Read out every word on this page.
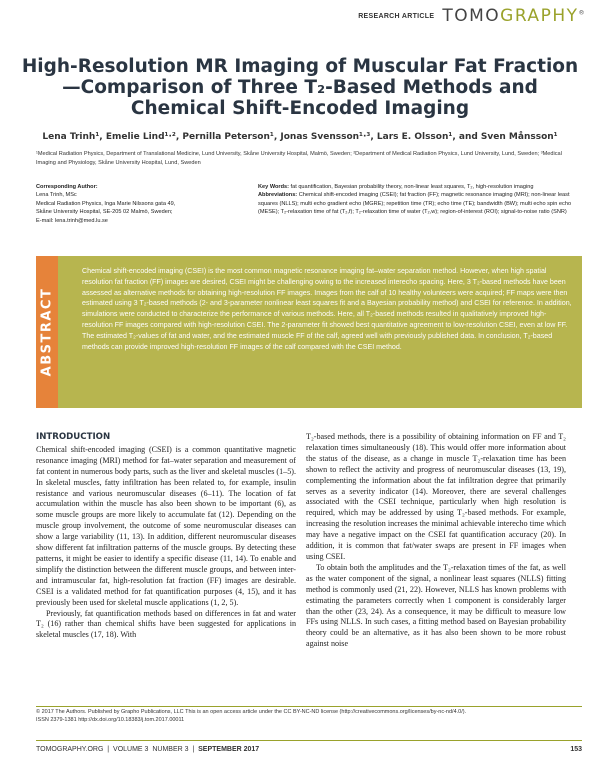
RESEARCH ARTICLE TOMOGRAPHY®
High-Resolution MR Imaging of Muscular Fat Fraction—Comparison of Three T₂-Based Methods and Chemical Shift-Encoded Imaging
Lena Trinh¹, Emelie Lind¹·², Pernilla Peterson¹, Jonas Svensson¹·³, Lars E. Olsson¹, and Sven Månsson¹
¹Medical Radiation Physics, Department of Translational Medicine, Lund University, Skåne University Hospital, Malmö, Sweden; ²Department of Medical Radiation Physics, Lund University, Lund, Sweden; ³Medical Imaging and Physiology, Skåne University Hospital, Lund, Sweden
Corresponding Author:
Lena Trinh, MSc
Medical Radiation Physics, Inga Marie Nilssons gata 49,
Skåne University Hospital, SE-205 02 Malmö, Sweden;
E-mail: lena.trinh@med.lu.se
Key Words: fat quantification, Bayesian probability theory, non-linear least squares, T₂, high-resolution imaging
Abbreviations: Chemical shift-encoded imaging (CSEI); fat fraction (FF); magnetic resonance imaging (MRI); non-linear least squares (NLLS); multi echo gradient echo (MGRE); repetition time (TR); echo time (TE); bandwidth (BW); multi echo spin echo (MESE); T₂-relaxation time of fat (T₂,f); T₂-relaxation time of water (T₂,w); region-of-interest (ROI); signal-to-noise ratio (SNR)
ABSTRACT
Chemical shift-encoded imaging (CSEI) is the most common magnetic resonance imaging fat–water separation method. However, when high spatial resolution fat fraction (FF) images are desired, CSEI might be challenging owing to the increased interecho spacing. Here, 3 T₂-based methods have been assessed as alternative methods for obtaining high-resolution FF images. Images from the calf of 10 healthy volunteers were acquired; FF maps were then estimated using 3 T₂-based methods (2- and 3-parameter nonlinear least squares fit and a Bayesian probability method) and CSEI for reference. In addition, simulations were conducted to characterize the performance of various methods. Here, all T₂-based methods resulted in qualitatively improved high-resolution FF images compared with high-resolution CSEI. The 2-parameter fit showed best quantitative agreement to low-resolution CSEI, even at low FF. The estimated T₂-values of fat and water, and the estimated muscle FF of the calf, agreed well with previously published data. In conclusion, T₂-based methods can provide improved high-resolution FF images of the calf compared with the CSEI method.
INTRODUCTION

Chemical shift-encoded imaging (CSEI) is a common quantitative magnetic resonance imaging (MRI) method for fat–water separation and measurement of fat content in numerous body parts, such as the liver and skeletal muscles (1–5). In skeletal muscles, fatty infiltration has been related to, for example, insulin resistance and various neuromuscular diseases (6–11). The location of fat accumulation within the muscle has also been shown to be important (6), as some muscle groups are more likely to accumulate fat (12). Depending on the muscle group involvement, the outcome of some neuromuscular diseases can show a large variability (11, 13). In addition, different neuromuscular diseases show different fat infiltration patterns of the muscle groups. By detecting these patterns, it might be easier to identify a specific disease (11, 14). To enable and simplify the distinction between the different muscle groups, and between inter- and intramuscular fat, high-resolution fat fraction (FF) images are desirable. CSEI is a validated method for fat quantification purposes (4, 15), and it has previously been used for skeletal muscle applications (1, 2, 5).

Previously, fat quantification methods based on differences in fat and water T₂ (16) rather than chemical shifts have been suggested for applications in skeletal muscles (17, 18). With

T₂-based methods, there is a possibility of obtaining information on FF and T₂ relaxation times simultaneously (18). This would offer more information about the status of the disease, as a change in muscle T₂-relaxation time has been shown to reflect the activity and progress of neuromuscular diseases (13, 19), complementing the information about the fat infiltration degree that primarily serves as a severity indicator (14). Moreover, there are several challenges associated with the CSEI technique, particularly when high resolution is required, which may be addressed by using T₂-based methods. For example, increasing the resolution increases the minimal achievable interecho time which may have a negative impact on the CSEI fat quantification accuracy (20). In addition, it is common that fat/water swaps are present in FF images when using CSEI.

To obtain both the amplitudes and the T₂-relaxation times of the fat, as well as the water component of the signal, a nonlinear least squares (NLLS) fitting method is commonly used (21, 22). However, NLLS has known problems with estimating the parameters correctly when 1 component is considerably larger than the other (23, 24). As a consequence, it may be difficult to measure low FFs using NLLS. In such cases, a fitting method based on Bayesian probability theory could be an alternative, as it has also been shown to be more robust against noise

© 2017 The Authors. Published by Grapho Publications, LLC This is an open access article under the CC BY-NC-ND license (http://creativecommons.org/licenses/by-nc-nd/4.0/).
ISSN 2379-1381 http://dx.doi.org/10.18383/j.tom.2017.00011
TOMOGRAPHY.ORG  |  VOLUME 3 NUMBER 3  |  SEPTEMBER 2017	153
